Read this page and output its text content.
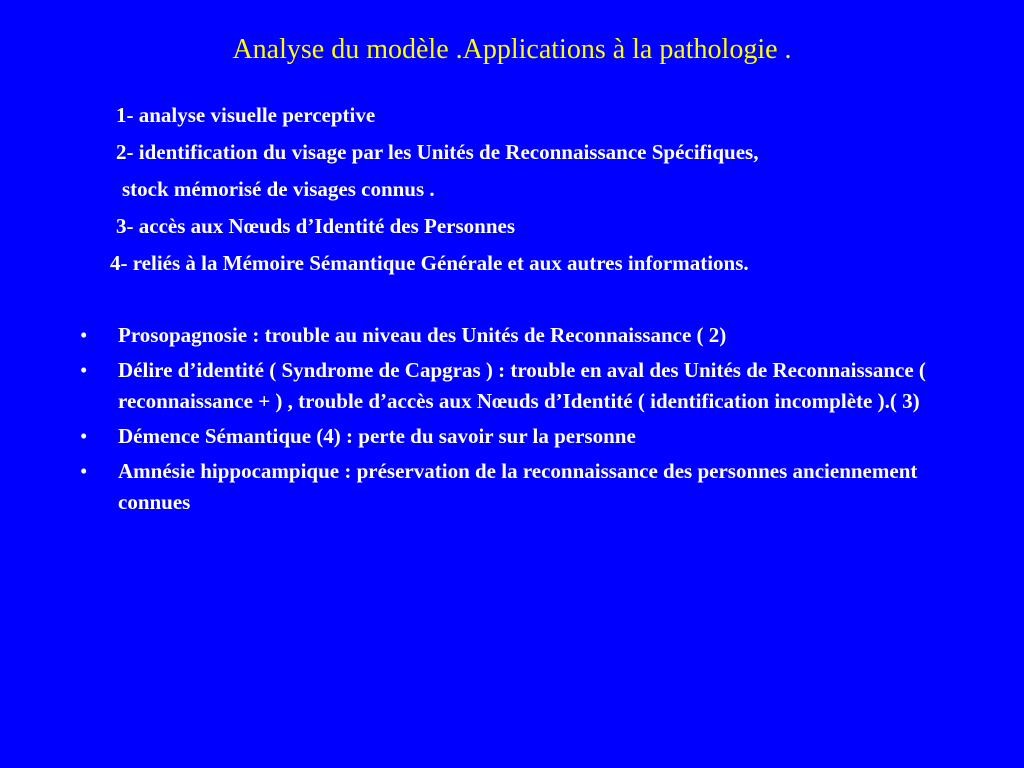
Analyse du modèle .Applications à la pathologie .
1- analyse visuelle perceptive
2- identification du visage par les Unités de Reconnaissance Spécifiques,
stock mémorisé de visages connus .
3- accès aux Nœuds d’Identité des Personnes
4- reliés à la Mémoire Sémantique Générale et aux autres informations.
•	Prosopagnosie : trouble au niveau des Unités de Reconnaissance ( 2)
•	Délire d’identité ( Syndrome de Capgras ) : trouble en aval des Unités de Reconnaissance ( reconnaissance + ) , trouble d’accès aux Nœuds d’Identité ( identification incomplète ).( 3)
•	Démence Sémantique (4) : perte du savoir sur la personne
•	Amnésie hippocampique : préservation de la reconnaissance des personnes anciennement connues
